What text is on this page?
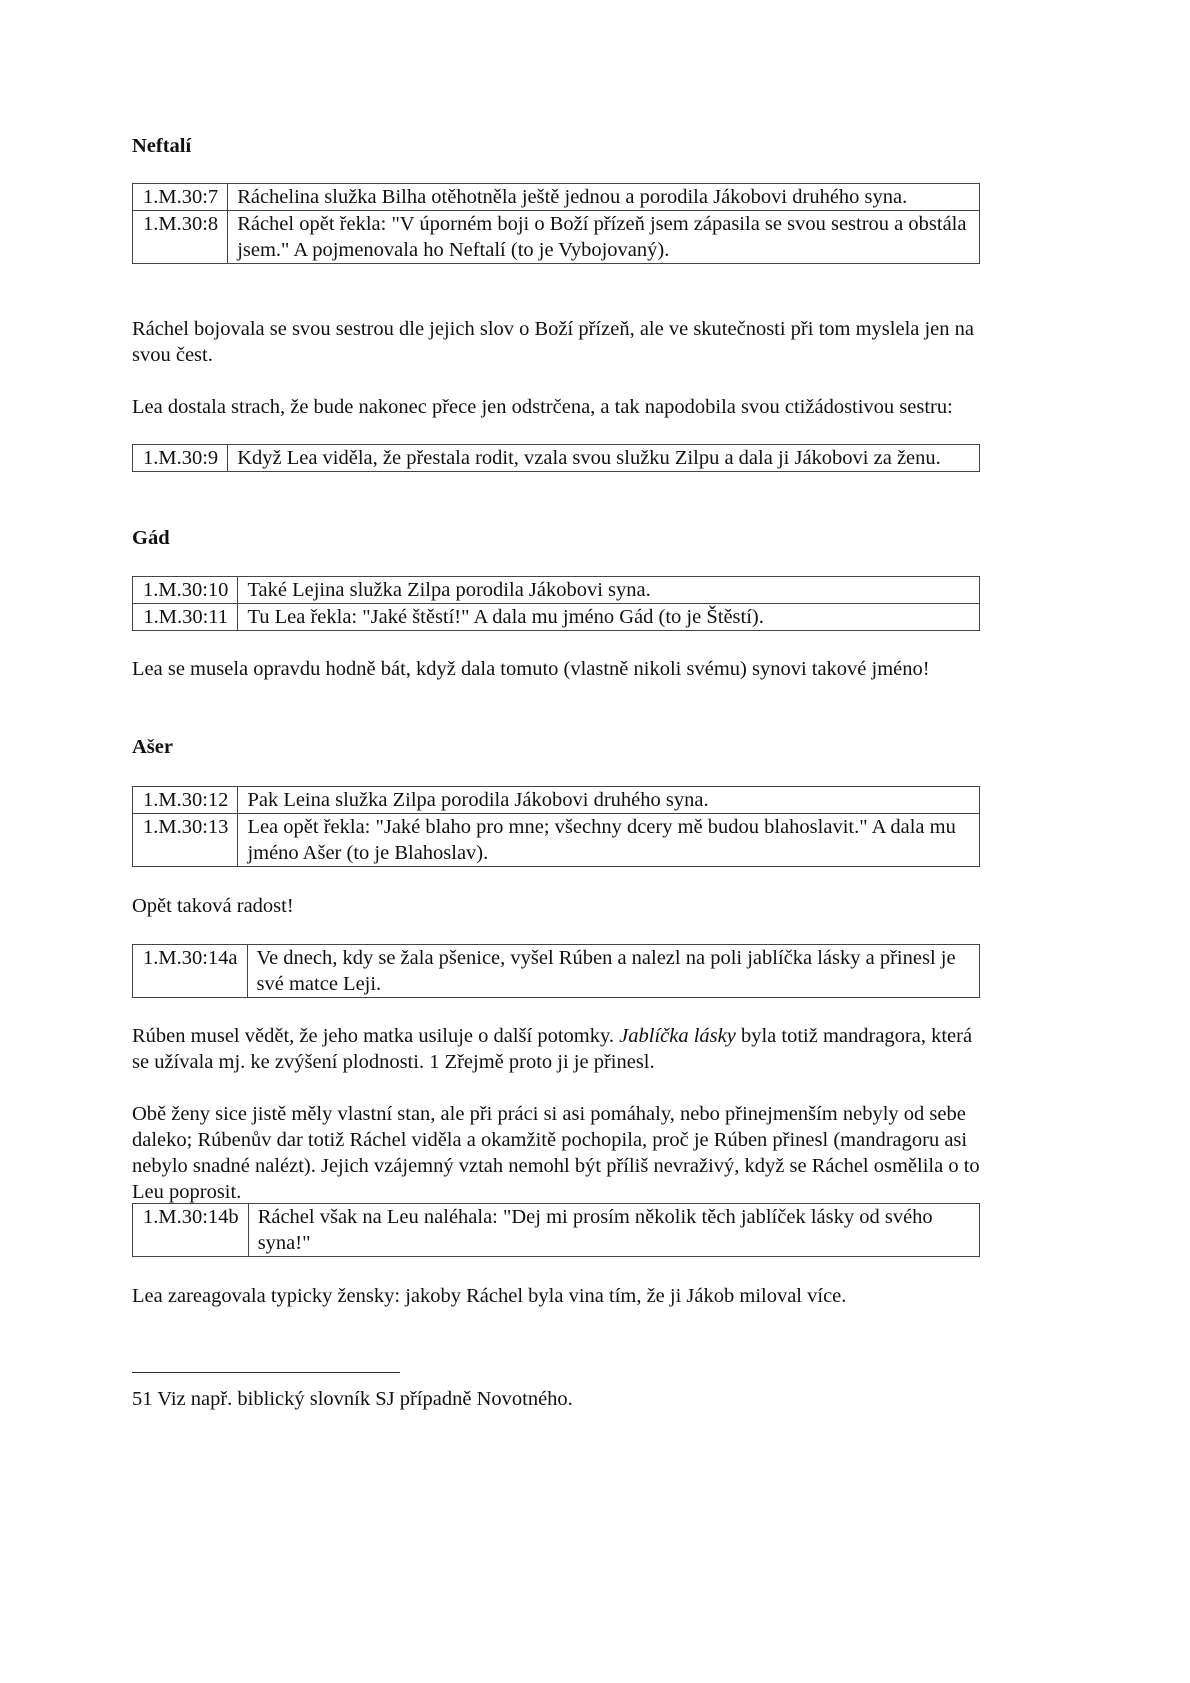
Neftalí
1.M.30:7	Ráchelina služka Bilha otěhotněla ještě jednou a porodila Jákobovi druhého syna.
1.M.30:8	Ráchel opět řekla: "V úporném boji o Boží přízeň jsem zápasila se svou sestrou a obstála jsem." A pojmenovala ho Neftalí (to je Vybojovaný).

Ráchel bojovala se svou sestrou dle jejich slov o Boží přízeň, ale ve skutečnosti při tom myslela jen na svou čest.

Lea dostala strach, že bude nakonec přece jen odstrčena, a tak napodobila svou ctižádostivou sestru:

1.M.30:9	Když Lea viděla, že přestala rodit, vzala svou služku Zilpu a dala ji Jákobovi za ženu.
Gád
1.M.30:10	Také Lejina služka Zilpa porodila Jákobovi syna.
1.M.30:11	Tu Lea řekla: "Jaké štěstí!" A dala mu jméno Gád (to je Štěstí).

Lea se musela opravdu hodně bát, když dala tomuto (vlastně nikoli svému) synovi takové jméno!

Ašer
1.M.30:12	Pak Leina služka Zilpa porodila Jákobovi druhého syna.
1.M.30:13	Lea opět řekla: "Jaké blaho pro mne; všechny dcery mě budou blahoslavit." A dala mu jméno Ašer (to je Blahoslav).

Opět taková radost!

1.M.30:14a	Ve dnech, kdy se žala pšenice, vyšel Rúben a nalezl na poli jablíčka lásky a přinesl je své matce Leji.

Rúben musel vědět, že jeho matka usiluje o další potomky. Jablíčka lásky byla totiž mandragora, která se užívala mj. ke zvýšení plodnosti. 1 Zřejmě proto ji je přinesl.

Obě ženy sice jistě měly vlastní stan, ale při práci si asi pomáhaly, nebo přinejmenším nebyly od sebe daleko; Rúbenův dar totiž Ráchel viděla a okamžitě pochopila, proč je Rúben přinesl (mandragoru asi nebylo snadné nalézt). Jejich vzájemný vztah nemohl být příliš nevraživý, když se Ráchel osmělila o to Leu poprosit.

1.M.30:14b	Ráchel však na Leu naléhala: "Dej mi prosím několik těch jablíček lásky od svého syna!"

Lea zareagovala typicky žensky: jakoby Ráchel byla vina tím, že ji Jákob miloval více.

51 Viz např. biblický slovník SJ případně Novotného.
